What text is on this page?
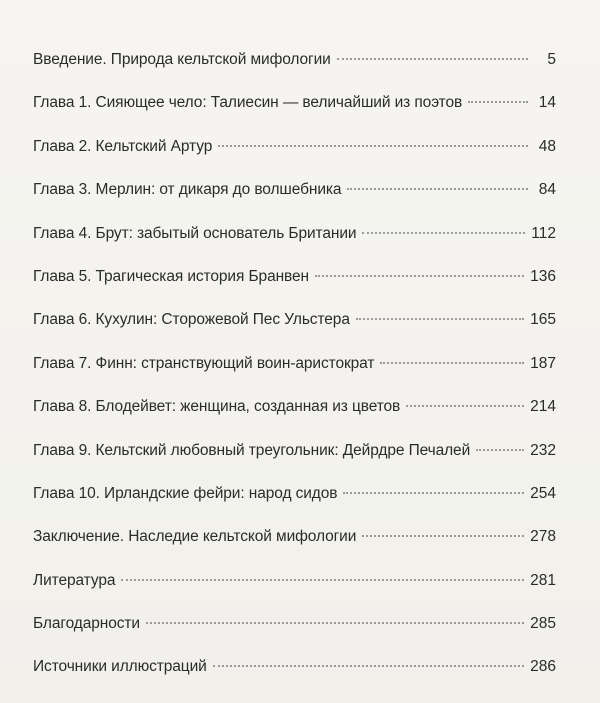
Введение. Природа кельтской мифологии	5
Глава 1. Сияющее чело: Талиесин — величайший из поэтов	14
Глава 2. Кельтский Артур	48
Глава 3. Мерлин: от дикаря до волшебника	84
Глава 4. Брут: забытый основатель Британии	112
Глава 5. Трагическая история Бранвен	136
Глава 6. Кухулин: Сторожевой Пес Ульстера	165
Глава 7. Финн: странствующий воин-аристократ	187
Глава 8. Блодейвет: женщина, созданная из цветов	214
Глава 9. Кельтский любовный треугольник: Дейрдре Печалей	232
Глава 10. Ирландские фейри: народ сидов	254
Заключение. Наследие кельтской мифологии	278
Литература	281
Благодарности	285
Источники иллюстраций	286
